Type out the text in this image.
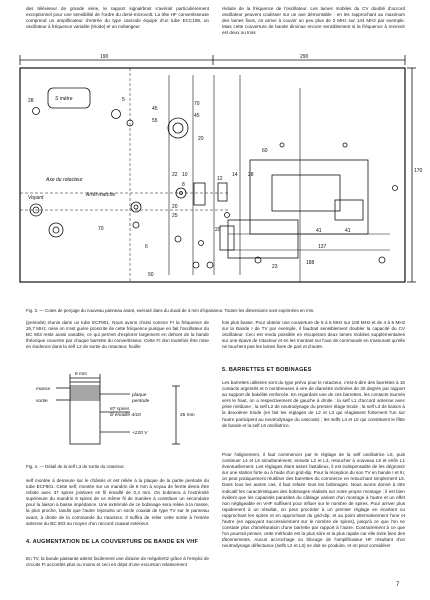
des téléviseur de grande série, le rapport signal/bruit s'avérait particulièrement exceptionnel pour une sensibilité de l'ordre du demi-microvolt. La tête HF convertisseuse comprend un amplificateur d'entrée du type cascode équipé d'un tube ECC189, un oscillateur à fréquence variable (triode) et un mélangeur

réduite de la fréquence de l'oscillateur. Les lames mobiles du CV doublé d'accord oscillateur peuvent coulisser sur un axe démontable : en les rapprochant au maximum des lames fixes, on arrive à couvrir un peu plus de 2 MHz sur 144 MHz par exemple. Mais cette couverture de bande diminue encore sensiblement si la fréquence à recevoir est deux ou trois

190	290
170
S mètre
28	5
45
55
70
45
20
Axe du rotacteur
22 10
8
12
20
25
14 28
60
20	41	41
137
188
23
6
50
Voyant	Arrêt-marche
70
Fig. 3. — Cotes de perçage du nouveau panneau avant, exécuté dans du duxal de 3 mm d'épaisseur. Toutes les dimensions sont exprimées en mm.

(pentode) réunis dans un tube ECF801. Nous avons choisi comme FI la fréquence de 26,7 MHz, mise on n'est guère proscrite de cette fréquence puisque en fait l'oscillateur du BC 603 reste aussi variable, ce qui permet d'explorer largement en dehors de la bande théorique couverte par chaque barrette du convertisseur. Cette FI don toutefois être mise en évidence dans la self L2 de sortie du rotacteur, fouille

fois plus basse. Pour obtenir une couverture de 5 à 6 MHz sur 100 MHz et de 4 à 5 MHz sur la Bande I de TV par exemple, il faudrait sensiblement doubler la capacité du CV oscillateur. Ceci est rendu possible en récupérant deux lames mobiles supplémentaires sur une épave de rotacteur et en les montant sur l'axe de commande en s'assurant qu'elle ne touchent pas les lames fixes de part et d'autre.

8 mm
masse
sortie
plaque
pentode
87 spires
fil émaillé 4/10	25 mm
+220 V
Fig. 4. — Détail de la self L3 de sortie du rotacteur.

self montée à demeure sur le châssis et est reliée à la plaque de la partie pentode du tube ECF801. Cette self, montée sur un mandrin de 8 mm à noyau de ferrite devra être refaite avec 37 spires jointives en fil émaillé de 0,4 mm. On bobinera à l'extrémité supérieure du mandrin 6 spires de ce même fil de manière à constituer un secondaire pour la liaison à basse impédance. Une extrémité de ce bobinage sera reliée à la masse, la plus proche, tandis que l'autre rejoindra un socle coaxial de type TV sur le panneau avant, à droite de la commande du rotacteur. Il suffira de relier cette sortie à l'entrée antenne du BC 603 au moyen d'un raccord coaxial extérieur.

4. AUGMENTATION DE LA COUVERTURE DE BANDE EN VHF

En TV, la bande passante atteint facilement une dizaine de mégahertz grâce à l'emploi de circuits FI accordés plus ou moins et ceci en dépit d'une excursion relativement

5. BARRETTES ET BOBINAGES

Les barrettes utilisées sont du type prévu pour le rotacteur, c'est-à-dire des barrettes à 16 contacts argentés et 0 nombreuses à vire de diamètre inclinées de 20 degrés par rapport au support de bakélite renforcée. En regardant une de ces barrettes, les contacts tournés vers le haut, on a respectivement de gauche à droite : la self L1 d'accord antenne avec prise médiane ; la self L2 de neutrodynage du premier étage triode ; la self L3 de liaison à la deuxième triode (en fait les réglages de L2 et L3 qui réagissent fortement l'un sur l'autre participent au neutrodynage du cascode) ; les selfs L4 et L5 qui constituent le filtre de bande et la self L6 oscillatrice.

Pour l'alignement, il faut commencer par le réglage de la self oscillatrice L6, puis continuer L4 et L5 simultanément, ensuite L2 et L3, retoucher à nouveau L5 et enfin L1 éventuellement. Les réglages étant assez fastidieux, il est indispensable de les dégrossir sur une station forte ou à l'aide d'un grid-dip. Pour la réception du son TV en bande I et III, on peut pratiquement réutiliser des barrettes du commerce en retouchant simplement L6. Dans tous les autres cas, il faut refaire tous les bobinages. Nous avons donné à titre indicatif les caractéristiques des bobinages réalisés sur notre propre montage : il est bien évident que les capacités parasites du câblage variant d'un montage à l'autre et un effet non négligeable en VHF suffisent pour influer sur le nombre de spires. Pour arriver plus rapidement à un résultat, on peut procéder à un premier réglage en écartant ou rapprochant les spires et en approchant du grid-dip, et au point alternativement l'une et l'autre (en appuyant successivement sur le nombre de spires), jusqu'à ce que l'on ne constate plus d'amélioration d'une barrette par rapport à l'autre. Contrairement à ce que l'on pourrait penser, cette méthode est la plus sûre et la plus rapide car elle évite bien des tâtonnements. Aucun accrochage ou blocage de l'amplificateur HF résultant d'un neutrodynage défectueux (selfs L2 et L3) ne doit se produire, et on peut considérer

7
